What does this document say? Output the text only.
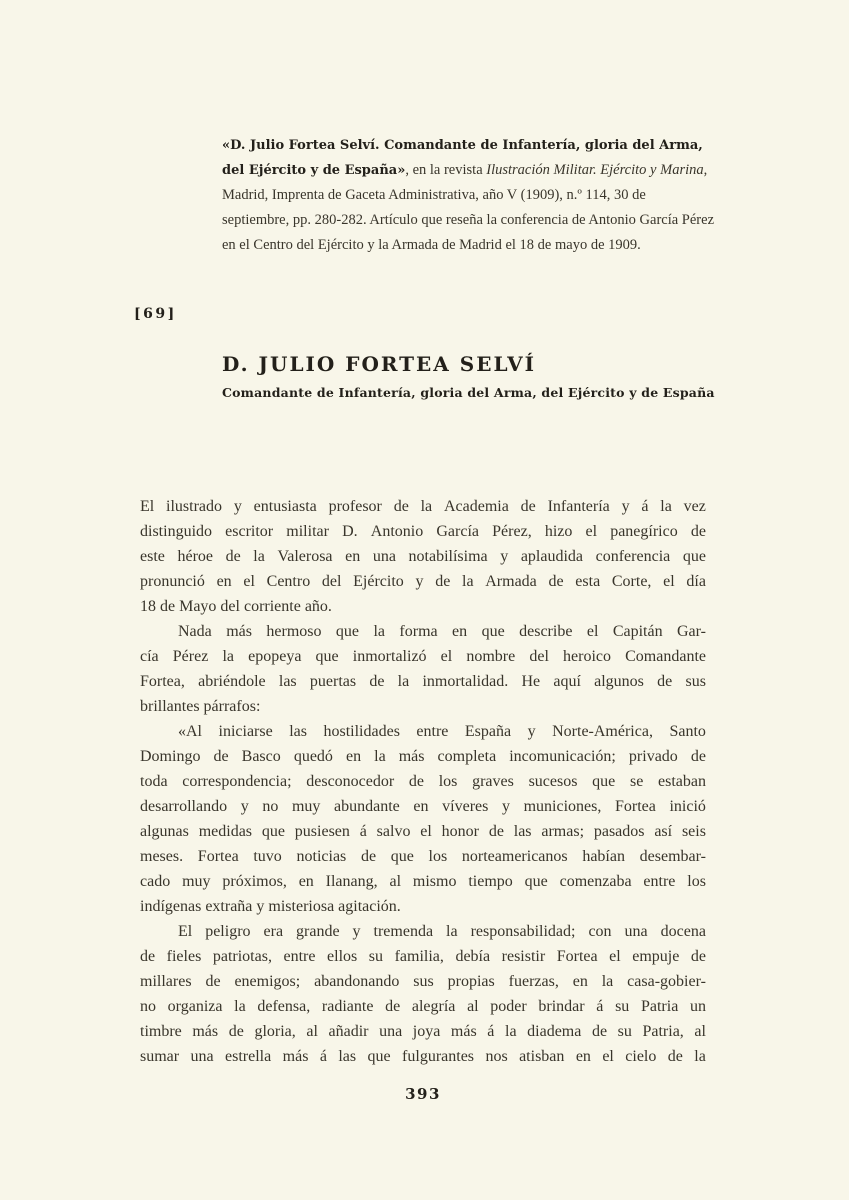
«D. Julio Fortea Selví. Comandante de Infantería, gloria del Arma, del Ejército y de España», en la revista Ilustración Militar. Ejército y Marina, Madrid, Imprenta de Gaceta Administrativa, año V (1909), n.º 114, 30 de septiembre, pp. 280-282. Artículo que reseña la conferencia de Antonio García Pérez en el Centro del Ejército y la Armada de Madrid el 18 de mayo de 1909.

[69]
D. JULIO FORTEA SELVÍ
Comandante de Infantería, gloria del Arma, del Ejército y de España
El ilustrado y entusiasta profesor de la Academia de Infantería y á la vez
distinguido escritor militar D. Antonio García Pérez, hizo el panegírico de
este héroe de la Valerosa en una notabilísima y aplaudida conferencia que
pronunció en el Centro del Ejército y de la Armada de esta Corte, el día
18 de Mayo del corriente año.
Nada más hermoso que la forma en que describe el Capitán Gar-
cía Pérez la epopeya que inmortalizó el nombre del heroico Comandante
Fortea, abriéndole las puertas de la inmortalidad. He aquí algunos de sus
brillantes párrafos:
«Al iniciarse las hostilidades entre España y Norte-América, Santo
Domingo de Basco quedó en la más completa incomunicación; privado de
toda correspondencia; desconocedor de los graves sucesos que se estaban
desarrollando y no muy abundante en víveres y municiones, Fortea inició
algunas medidas que pusiesen á salvo el honor de las armas; pasados así seis
meses. Fortea tuvo noticias de que los norteamericanos habían desembar-
cado muy próximos, en Ilanang, al mismo tiempo que comenzaba entre los
indígenas extraña y misteriosa agitación.
El peligro era grande y tremenda la responsabilidad; con una docena
de fieles patriotas, entre ellos su familia, debía resistir Fortea el empuje de
millares de enemigos; abandonando sus propias fuerzas, en la casa-gobier-
no organiza la defensa, radiante de alegría al poder brindar á su Patria un
timbre más de gloria, al añadir una joya más á la diadema de su Patria, al
sumar una estrella más á las que fulgurantes nos atisban en el cielo de la
393
